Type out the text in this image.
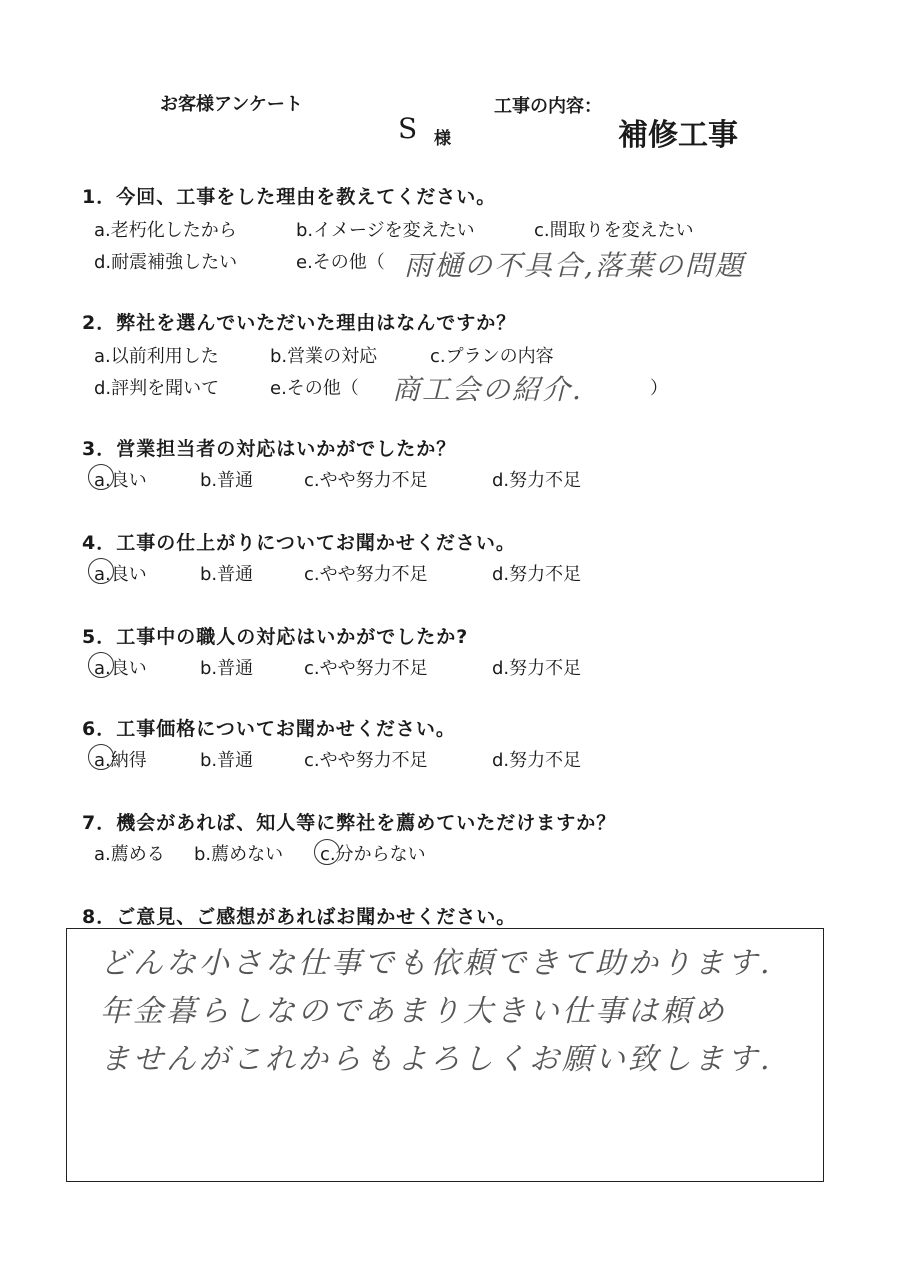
お客様アンケート	工事の内容：
S 様	補修工事
1．今回、工事をした理由を教えてください。
a.老朽化したから	b.イメージを変えたい	c.間取りを変えたい
d.耐震補強したい	e.その他（ 雨樋の不具合,落葉の問題
2．弊社を選んでいただいた理由はなんですか？
a.以前利用した	b.営業の対応	c.プランの内容
d.評判を聞いて	e.その他（ 商工会の紹介.	）
3．営業担当者の対応はいかがでしたか？
a.良い	b.普通	c.やや努力不足	d.努力不足
4．工事の仕上がりについてお聞かせください。
a.良い	b.普通	c.やや努力不足	d.努力不足
5．工事中の職人の対応はいかがでしたか?
a.良い	b.普通	c.やや努力不足	d.努力不足
6．工事価格についてお聞かせください。
a.納得	b.普通	c.やや努力不足	d.努力不足
7．機会があれば、知人等に弊社を薦めていただけますか？
a.薦める b.薦めない c.分からない
8．ご意見、ご感想があればお聞かせください。
どんな小さな仕事でも依頼できて助かります.
年金暮らしなのであまり大きい仕事は頼め
ませんがこれからもよろしくお願い致します.
